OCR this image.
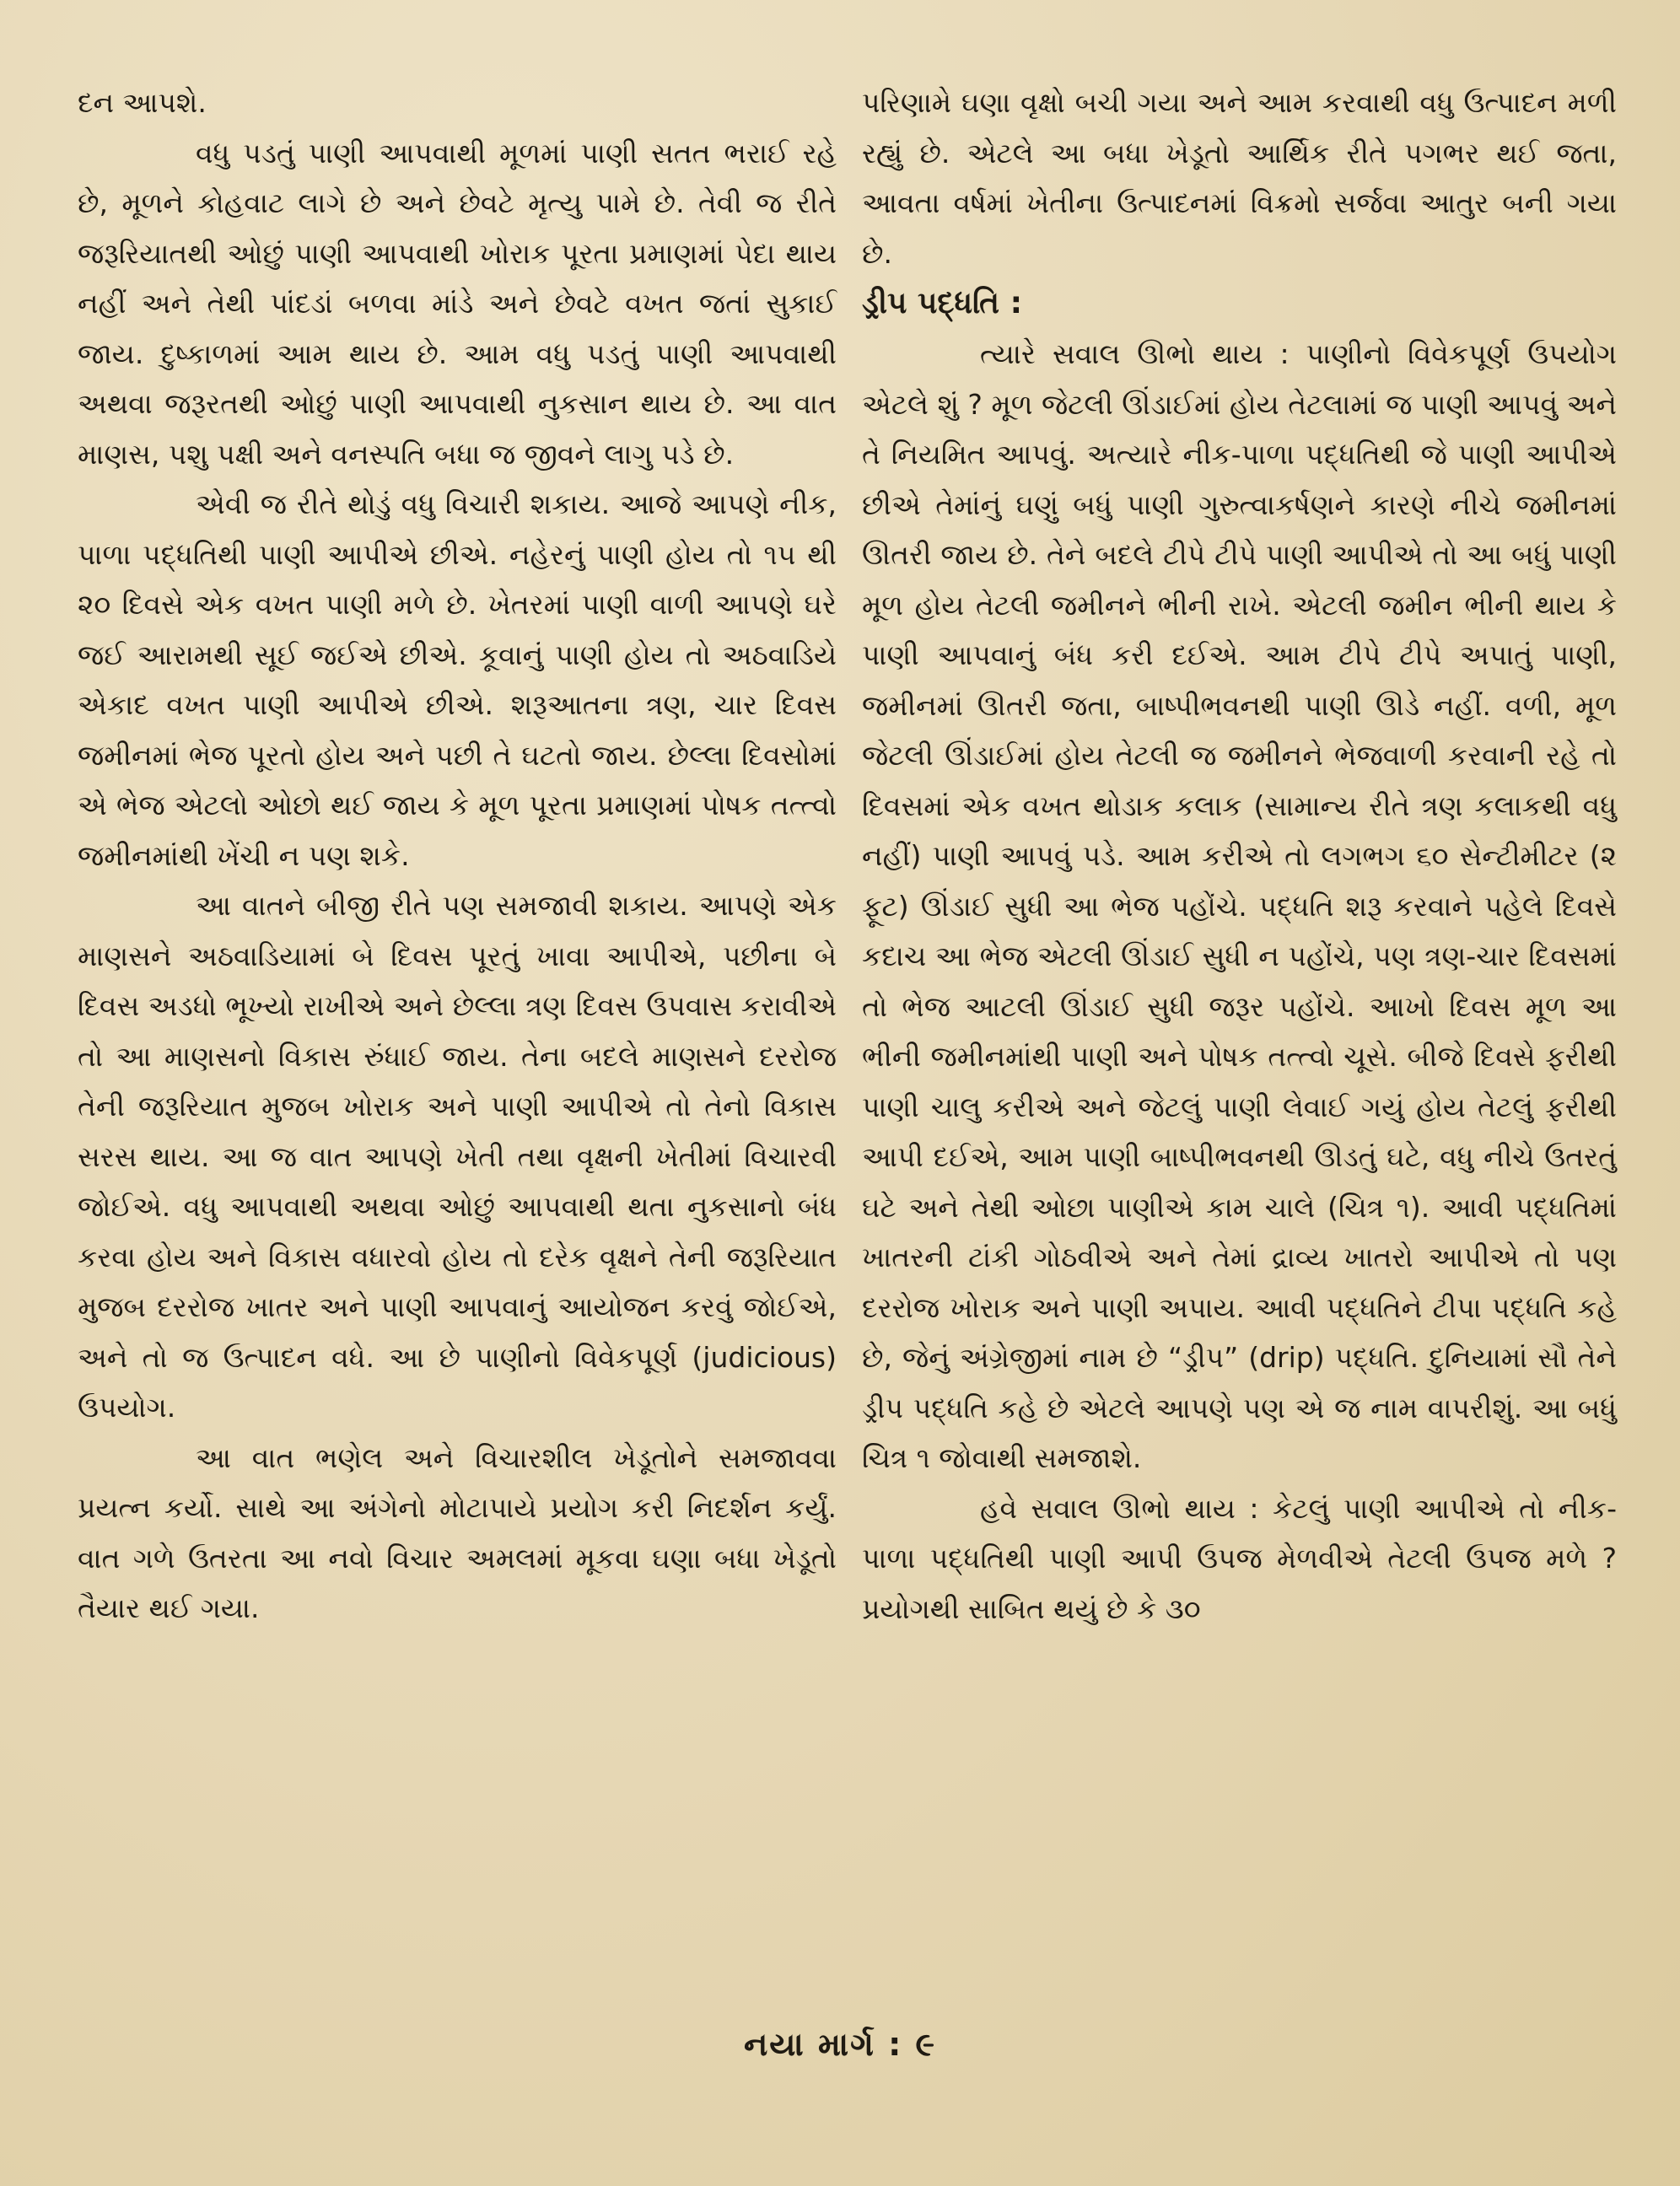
દન આપશે.

વધુ પડતું પાણી આપવાથી મૂળમાં પાણી સતત ભરાઈ રહે છે, મૂળને કોહવાટ લાગે છે અને છેવટે મૃત્યુ પામે છે. તેવી જ રીતે જરૂરિયાતથી ઓછું પાણી આપવાથી ખોરાક પૂરતા પ્રમાણમાં પેદા થાય નહીં અને તેથી પાંદડાં બળવા માંડે અને છેવટે વખત જતાં સુકાઈ જાય. દુષ્કાળમાં આમ થાય છે. આમ વધુ પડતું પાણી આપવાથી અથવા જરૂરતથી ઓછું પાણી આપવાથી નુકસાન થાય છે. આ વાત માણસ, પશુ પક્ષી અને વનસ્પતિ બધા જ જીવને લાગુ પડે છે.

એવી જ રીતે થોડું વધુ વિચારી શકાય. આજે આપણે નીક, પાળા પદ્ધતિથી પાણી આપીએ છીએ. નહેરનું પાણી હોય તો ૧૫ થી ૨૦ દિવસે એક વખત પાણી મળે છે. ખેતરમાં પાણી વાળી આપણે ઘરે જઈ આરામથી સૂઈ જઈએ છીએ. કૂવાનું પાણી હોય તો અઠવાડિયે એકાદ વખત પાણી આપીએ છીએ. શરૂઆતના ત્રણ, ચાર દિવસ જમીનમાં ભેજ પૂરતો હોય અને પછી તે ઘટતો જાય. છેલ્લા દિવસોમાં એ ભેજ એટલો ઓછો થઈ જાય કે મૂળ પૂરતા પ્રમાણમાં પોષક તત્ત્વો જમીનમાંથી ખેંચી ન પણ શકે.

આ વાતને બીજી રીતે પણ સમજાવી શકાય. આપણે એક માણસને અઠવાડિયામાં બે દિવસ પૂરતું ખાવા આપીએ, પછીના બે દિવસ અડધો ભૂખ્યો રાખીએ અને છેલ્લા ત્રણ દિવસ ઉપવાસ કરાવીએ તો આ માણસનો વિકાસ રુંધાઈ જાય. તેના બદલે માણસને દરરોજ તેની જરૂરિયાત મુજબ ખોરાક અને પાણી આપીએ તો તેનો વિકાસ સરસ થાય. આ જ વાત આપણે ખેતી તથા વૃક્ષની ખેતીમાં વિચારવી જોઈએ. વધુ આપવાથી અથવા ઓછું આપવાથી થતા નુકસાનો બંધ કરવા હોય અને વિકાસ વધારવો હોય તો દરેક વૃક્ષને તેની જરૂરિયાત મુજબ દરરોજ ખાતર અને પાણી આપવાનું આયોજન કરવું જોઈએ, અને તો જ ઉત્પાદન વધે. આ છે પાણીનો વિવેકપૂર્ણ (judicious) ઉપયોગ.

આ વાત ભણેલ અને વિચારશીલ ખેડૂતોને સમજાવવા પ્રયત્ન કર્યો. સાથે આ અંગેનો મોટાપાયે પ્રયોગ કરી નિદર્શન કર્યું. વાત ગળે ઉતરતા આ નવો વિચાર અમલમાં મૂકવા ઘણા બધા ખેડૂતો તૈયાર થઈ ગયા.

પરિણામે ઘણા વૃક્ષો બચી ગયા અને આમ કરવાથી વધુ ઉત્પાદન મળી રહ્યું છે. એટલે આ બધા ખેડૂતો આર્થિક રીતે પગભર થઈ જતા, આવતા વર્ષમાં ખેતીના ઉત્પાદનમાં વિક્રમો સર્જવા આતુર બની ગયા છે.

ડ્રીપ પદ્ધતિ :

ત્યારે સવાલ ઊભો થાય : પાણીનો વિવેકપૂર્ણ ઉપયોગ એટલે શું ? મૂળ જેટલી ઊંડાઈમાં હોય તેટલામાં જ પાણી આપવું અને તે નિયમિત આપવું. અત્યારે નીક-પાળા પદ્ધતિથી જે પાણી આપીએ છીએ તેમાંનું ઘણું બધું પાણી ગુરુત્વાકર્ષણને કારણે નીચે જમીનમાં ઊતરી જાય છે. તેને બદલે ટીપે ટીપે પાણી આપીએ તો આ બધું પાણી મૂળ હોય તેટલી જમીનને ભીની રાખે. એટલી જમીન ભીની થાય કે પાણી આપવાનું બંધ કરી દઈએ. આમ ટીપે ટીપે અપાતું પાણી, જમીનમાં ઊતરી જતા, બાષ્પીભવનથી પાણી ઊડે નહીં. વળી, મૂળ જેટલી ઊંડાઈમાં હોય તેટલી જ જમીનને ભેજવાળી કરવાની રહે તો દિવસમાં એક વખત થોડાક કલાક (સામાન્ય રીતે ત્રણ કલાકથી વધુ નહીં) પાણી આપવું પડે. આમ કરીએ તો લગભગ ૬૦ સેન્ટીમીટર (૨ ફૂટ) ઊંડાઈ સુધી આ ભેજ પહોંચે. પદ્ધતિ શરૂ કરવાને પહેલે દિવસે કદાચ આ ભેજ એટલી ઊંડાઈ સુધી ન પહોંચે, પણ ત્રણ-ચાર દિવસમાં તો ભેજ આટલી ઊંડાઈ સુધી જરૂર પહોંચે. આખો દિવસ મૂળ આ ભીની જમીનમાંથી પાણી અને પોષક તત્ત્વો ચૂસે. બીજે દિવસે ફરીથી પાણી ચાલુ કરીએ અને જેટલું પાણી લેવાઈ ગયું હોય તેટલું ફરીથી આપી દઈએ, આમ પાણી બાષ્પીભવનથી ઊડતું ઘટે, વધુ નીચે ઉતરતું ઘટે અને તેથી ઓછા પાણીએ કામ ચાલે (ચિત્ર ૧). આવી પદ્ધતિમાં ખાતરની ટાંકી ગોઠવીએ અને તેમાં દ્રાવ્ય ખાતરો આપીએ તો પણ દરરોજ ખોરાક અને પાણી અપાય. આવી પદ્ધતિને ટીપા પદ્ધતિ કહે છે, જેનું અંગ્રેજીમાં નામ છે “ડ્રીપ” (drip) પદ્ધતિ. દુનિયામાં સૌ તેને ડ્રીપ પદ્ધતિ કહે છે એટલે આપણે પણ એ જ નામ વાપરીશું. આ બધું ચિત્ર ૧ જોવાથી સમજાશે.

હવે સવાલ ઊભો થાય : કેટલું પાણી આપીએ તો નીક-પાળા પદ્ધતિથી પાણી આપી ઉપજ મેળવીએ તેટલી ઉપજ મળે ? પ્રયોગથી સાબિત થયું છે કે ૩૦

નયા માર્ગ : ૯
